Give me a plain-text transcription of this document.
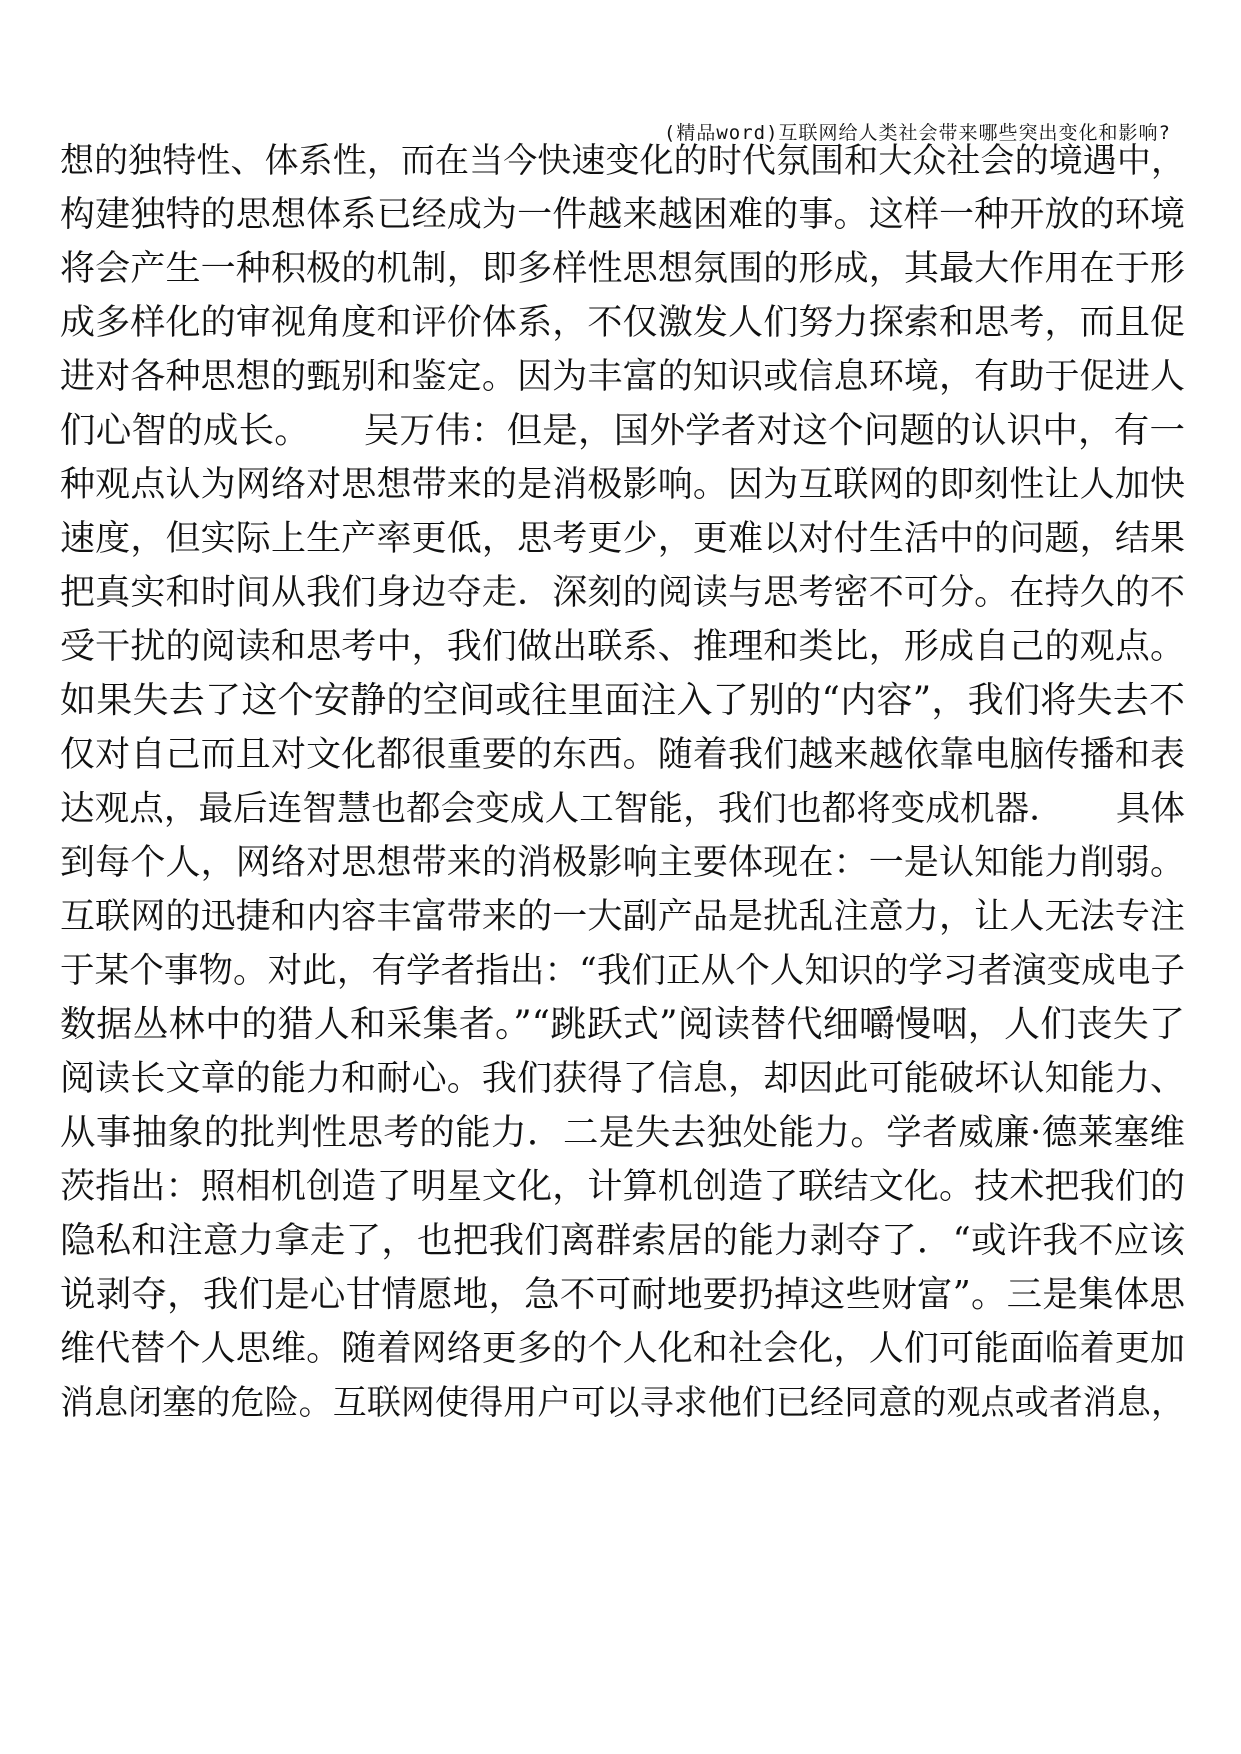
(精品word)互联网给人类社会带来哪些突出变化和影响?
想的独特性、体系性，而在当今快速变化的时代氛围和大众社会的境遇中，
构建独特的思想体系已经成为一件越来越困难的事。这样一种开放的环境
将会产生一种积极的机制，即多样性思想氛围的形成，其最大作用在于形
成多样化的审视角度和评价体系，不仅激发人们努力探索和思考，而且促
进对各种思想的甄别和鉴定。因为丰富的知识或信息环境，有助于促进人
们心智的成长。　　吴万伟：但是，国外学者对这个问题的认识中，有一
种观点认为网络对思想带来的是消极影响。因为互联网的即刻性让人加快
速度，但实际上生产率更低，思考更少，更难以对付生活中的问题，结果
把真实和时间从我们身边夺走．深刻的阅读与思考密不可分。在持久的不
受干扰的阅读和思考中，我们做出联系、推理和类比，形成自己的观点。
如果失去了这个安静的空间或往里面注入了别的“内容”，我们将失去不
仅对自己而且对文化都很重要的东西。随着我们越来越依靠电脑传播和表
达观点，最后连智慧也都会变成人工智能，我们也都将变成机器．　　具体
到每个人，网络对思想带来的消极影响主要体现在：一是认知能力削弱。
互联网的迅捷和内容丰富带来的一大副产品是扰乱注意力，让人无法专注
于某个事物。对此，有学者指出：“我们正从个人知识的学习者演变成电子
数据丛林中的猎人和采集者。”“跳跃式”阅读替代细嚼慢咽，人们丧失了
阅读长文章的能力和耐心。我们获得了信息，却因此可能破坏认知能力、
从事抽象的批判性思考的能力．二是失去独处能力。学者威廉·德莱塞维
茨指出：照相机创造了明星文化，计算机创造了联结文化。技术把我们的
隐私和注意力拿走了，也把我们离群索居的能力剥夺了．“或许我不应该
说剥夺，我们是心甘情愿地，急不可耐地要扔掉这些财富”。三是集体思
维代替个人思维。随着网络更多的个人化和社会化，人们可能面临着更加
消息闭塞的危险。互联网使得用户可以寻求他们已经同意的观点或者消息，
